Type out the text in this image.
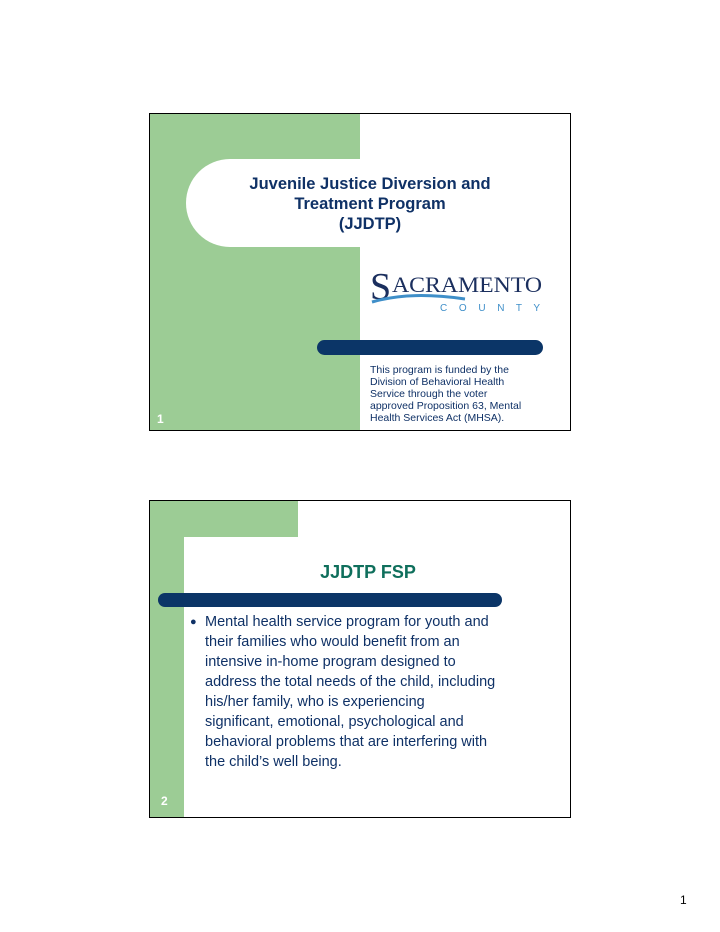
Juvenile Justice Diversion and
Treatment Program
(JJDTP)
S ACRAMENTO
C O U N T Y
This program is funded by the
Division of Behavioral Health
Service through the voter
approved Proposition 63, Mental
Health Services Act (MHSA).
1
JJDTP FSP
● Mental health service program for youth and
their families who would benefit from an
intensive in-home program designed to
address the total needs of the child, including
his/her family, who is experiencing
significant, emotional, psychological and
behavioral problems that are interfering with
the child’s well being.
2
1
